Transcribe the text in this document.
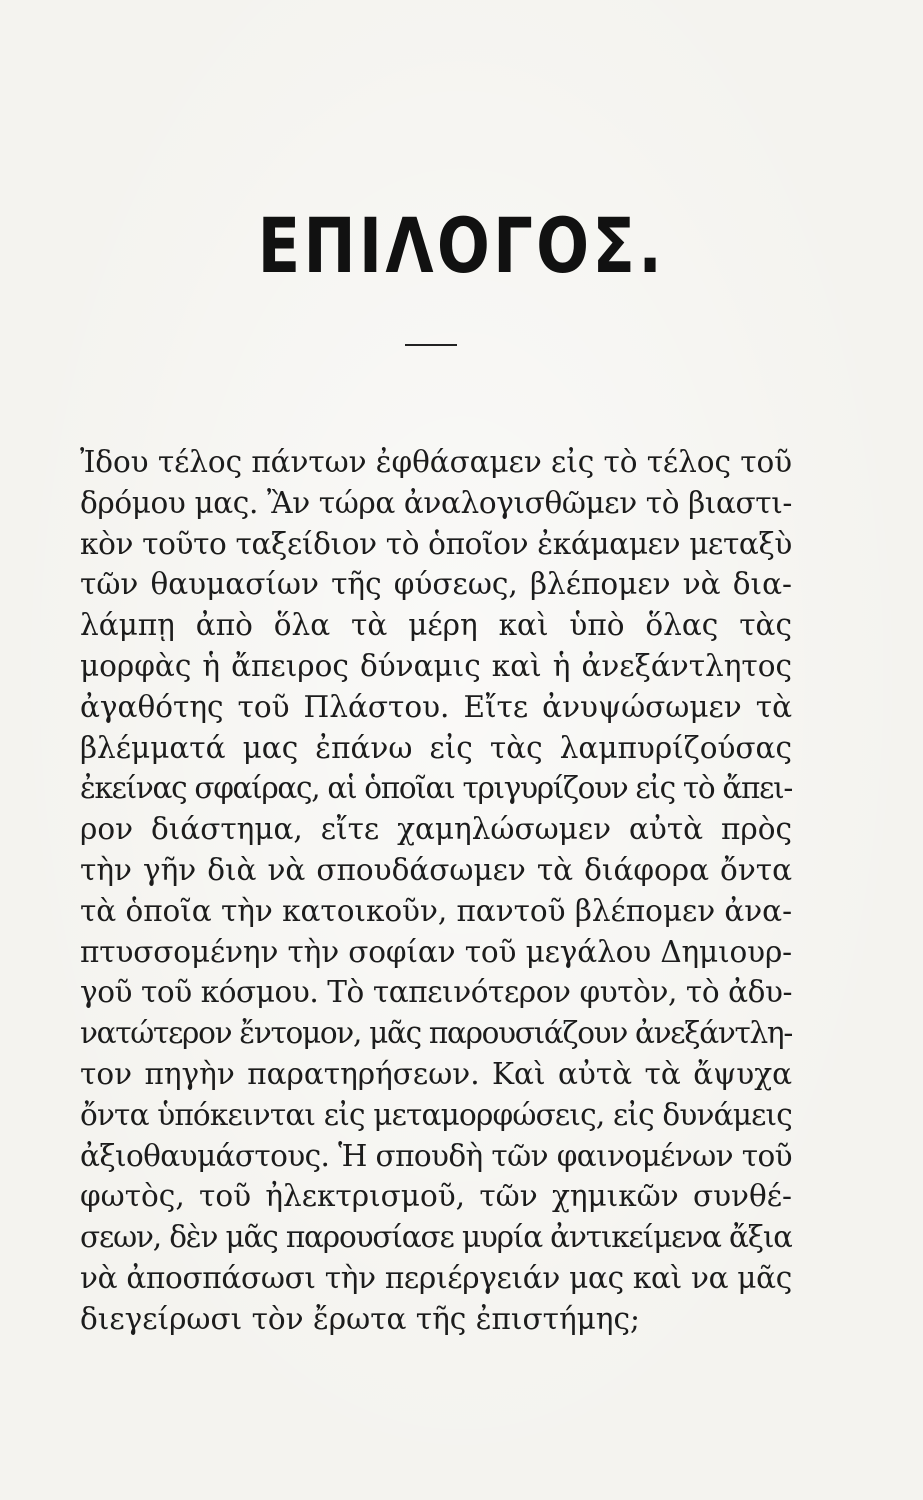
ΕΠΙΛΟΓΟΣ.
Ἰδου τέλος πάντων ἐφθάσαμεν εἰς τὸ τέλος τοῦ
δρόμου μας. Ἂν τώρα ἀναλογισθῶμεν τὸ βιαστι-
κὸν τοῦτο ταξείδιον τὸ ὁποῖον ἐκάμαμεν μεταξὺ
τῶν θαυμασίων τῆς φύσεως, βλέπομεν νὰ δια-
λάμπῃ ἀπὸ ὅλα τὰ μέρη καὶ ὑπὸ ὅλας τὰς
μορφὰς ἡ ἄπειρος δύναμις καὶ ἡ ἀνεξάντλητος
ἀγαθότης τοῦ Πλάστου. Εἴτε ἀνυψώσωμεν τὰ
βλέμματά μας ἐπάνω εἰς τὰς λαμπυρίζούσας
ἐκείνας σφαίρας, αἱ ὁποῖαι τριγυρίζουν εἰς τὸ ἄπει-
ρον διάστημα, εἴτε χαμηλώσωμεν αὐτὰ πρὸς
τὴν γῆν διὰ νὰ σπουδάσωμεν τὰ διάφορα ὄντα
τὰ ὁποῖα τὴν κατοικοῦν, παντοῦ βλέπομεν ἀνα-
πτυσσομένην τὴν σοφίαν τοῦ μεγάλου Δημιουρ-
γοῦ τοῦ κόσμου. Τὸ ταπεινότερον φυτὸν, τὸ ἀδυ-
νατώτερον ἔντομον, μᾶς παρουσιάζουν ἀνεξάντλη-
τον πηγὴν παρατηρήσεων. Καὶ αὐτὰ τὰ ἄψυχα
ὄντα ὑπόκεινται εἰς μεταμορφώσεις, εἰς δυνάμεις
ἀξιοθαυμάστους. Ἡ σπουδὴ τῶν φαινομένων τοῦ
φωτὸς, τοῦ ἠλεκτρισμοῦ, τῶν χημικῶν συνθέ-
σεων, δὲν μᾶς παρουσίασε μυρία ἀντικείμενα ἄξια
νὰ ἀποσπάσωσι τὴν περιέργειάν μας καὶ να μᾶς
διεγείρωσι τὸν ἔρωτα τῆς ἐπιστήμης;
